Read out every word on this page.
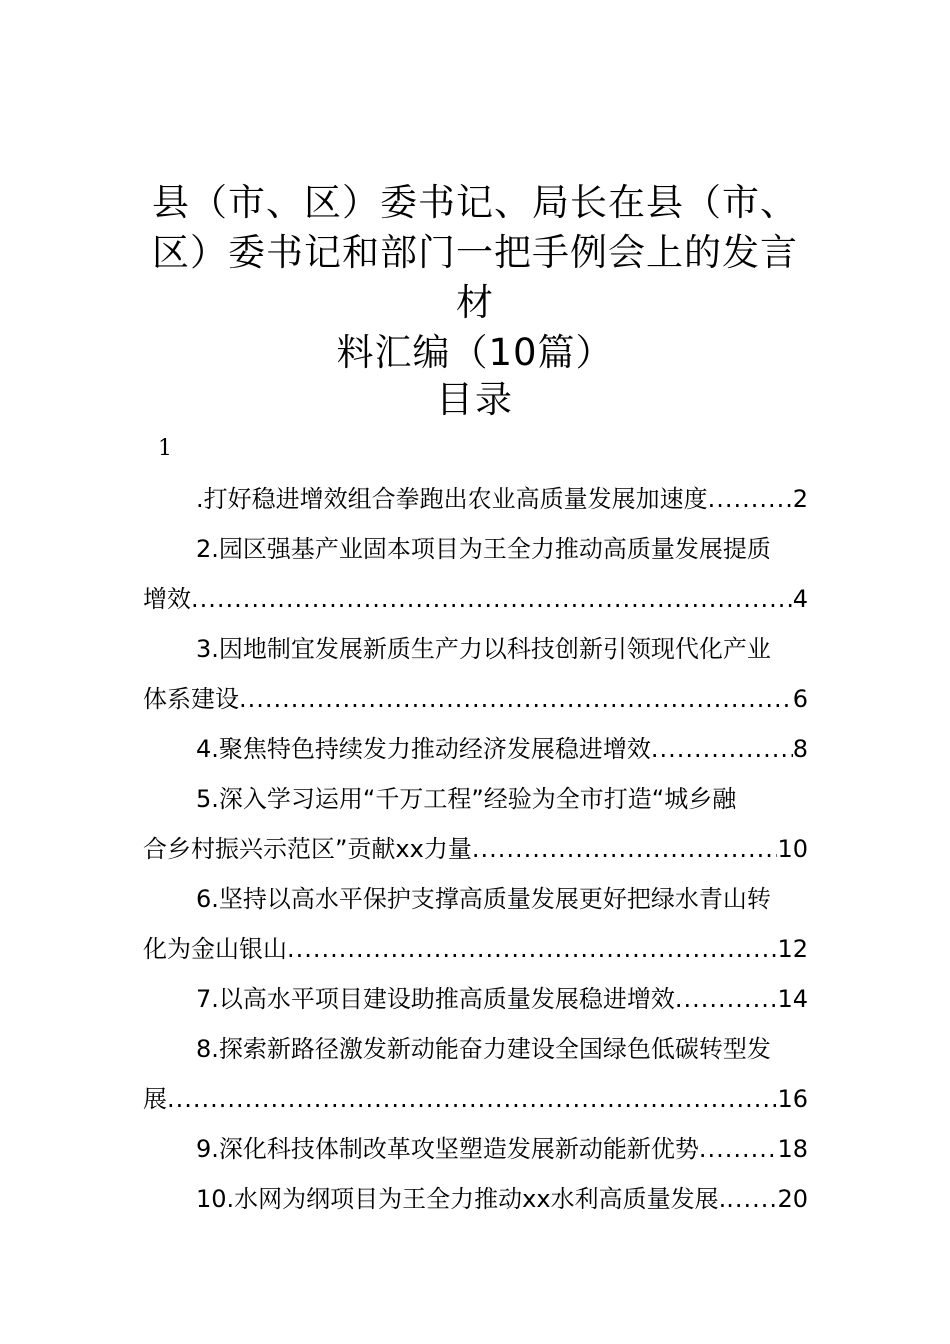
县（市、区）委书记、局长在县（市、
区）委书记和部门一把手例会上的发言材
料汇编（10篇）
目录
1
.打好稳进增效组合拳跑出农业高质量发展加速度 .....	2
2.园区强基产业固本项目为王全力推动高质量发展提质
增效 .....	4
3.因地制宜发展新质生产力以科技创新引领现代化产业
体系建设 .....	6
4.聚焦特色持续发力推动经济发展稳进增效 .....	8
5.深入学习运用“千万工程”经验为全市打造“城乡融
合乡村振兴示范区”贡献xx力量 .....	10
6.坚持以高水平保护支撑高质量发展更好把绿水青山转
化为金山银山 .....	12
7.以高水平项目建设助推高质量发展稳进增效 .....	14
8.探索新路径激发新动能奋力建设全国绿色低碳转型发
展 .....	16
9.深化科技体制改革攻坚塑造发展新动能新优势 .....	18
10.水网为纲项目为王全力推动xx水利高质量发展. ..... 20
